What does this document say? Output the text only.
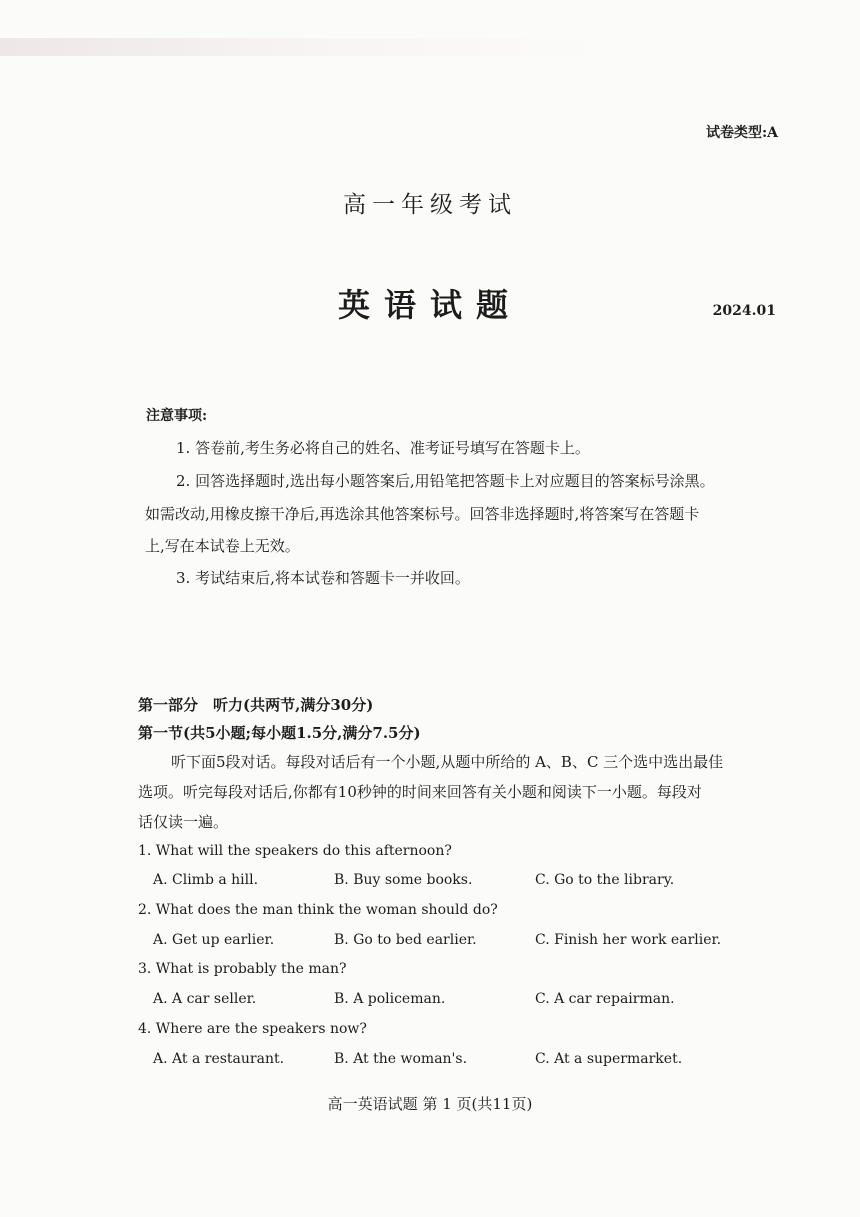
试卷类型:A
高一年级考试
英语试题	2024.01
注意事项:
1. 答卷前,考生务必将自己的姓名、准考证号填写在答题卡上。
2. 回答选择题时,选出每小题答案后,用铅笔把答题卡上对应题目的答案标号涂黑。
如需改动,用橡皮擦干净后,再选涂其他答案标号。回答非选择题时,将答案写在答题卡
上,写在本试卷上无效。
3. 考试结束后,将本试卷和答题卡一并收回。
第一部分　听力(共两节,满分30分)
第一节(共5小题;每小题1.5分,满分7.5分)
听下面5段对话。每段对话后有一个小题,从题中所给的 A、B、C 三个选中选出最佳
选项。听完每段对话后,你都有10秒钟的时间来回答有关小题和阅读下一小题。每段对
话仅读一遍。
1. What will the speakers do this afternoon?
A. Climb a hill.	B. Buy some books.	C. Go to the library.
2. What does the man think the woman should do?
A. Get up earlier.	B. Go to bed earlier.	C. Finish her work earlier.
3. What is probably the man?
A. A car seller.	B. A policeman.	C. A car repairman.
4. Where are the speakers now?
A. At a restaurant.	B. At the woman's.	C. At a supermarket.
高一英语试题 第 1 页(共11页)
